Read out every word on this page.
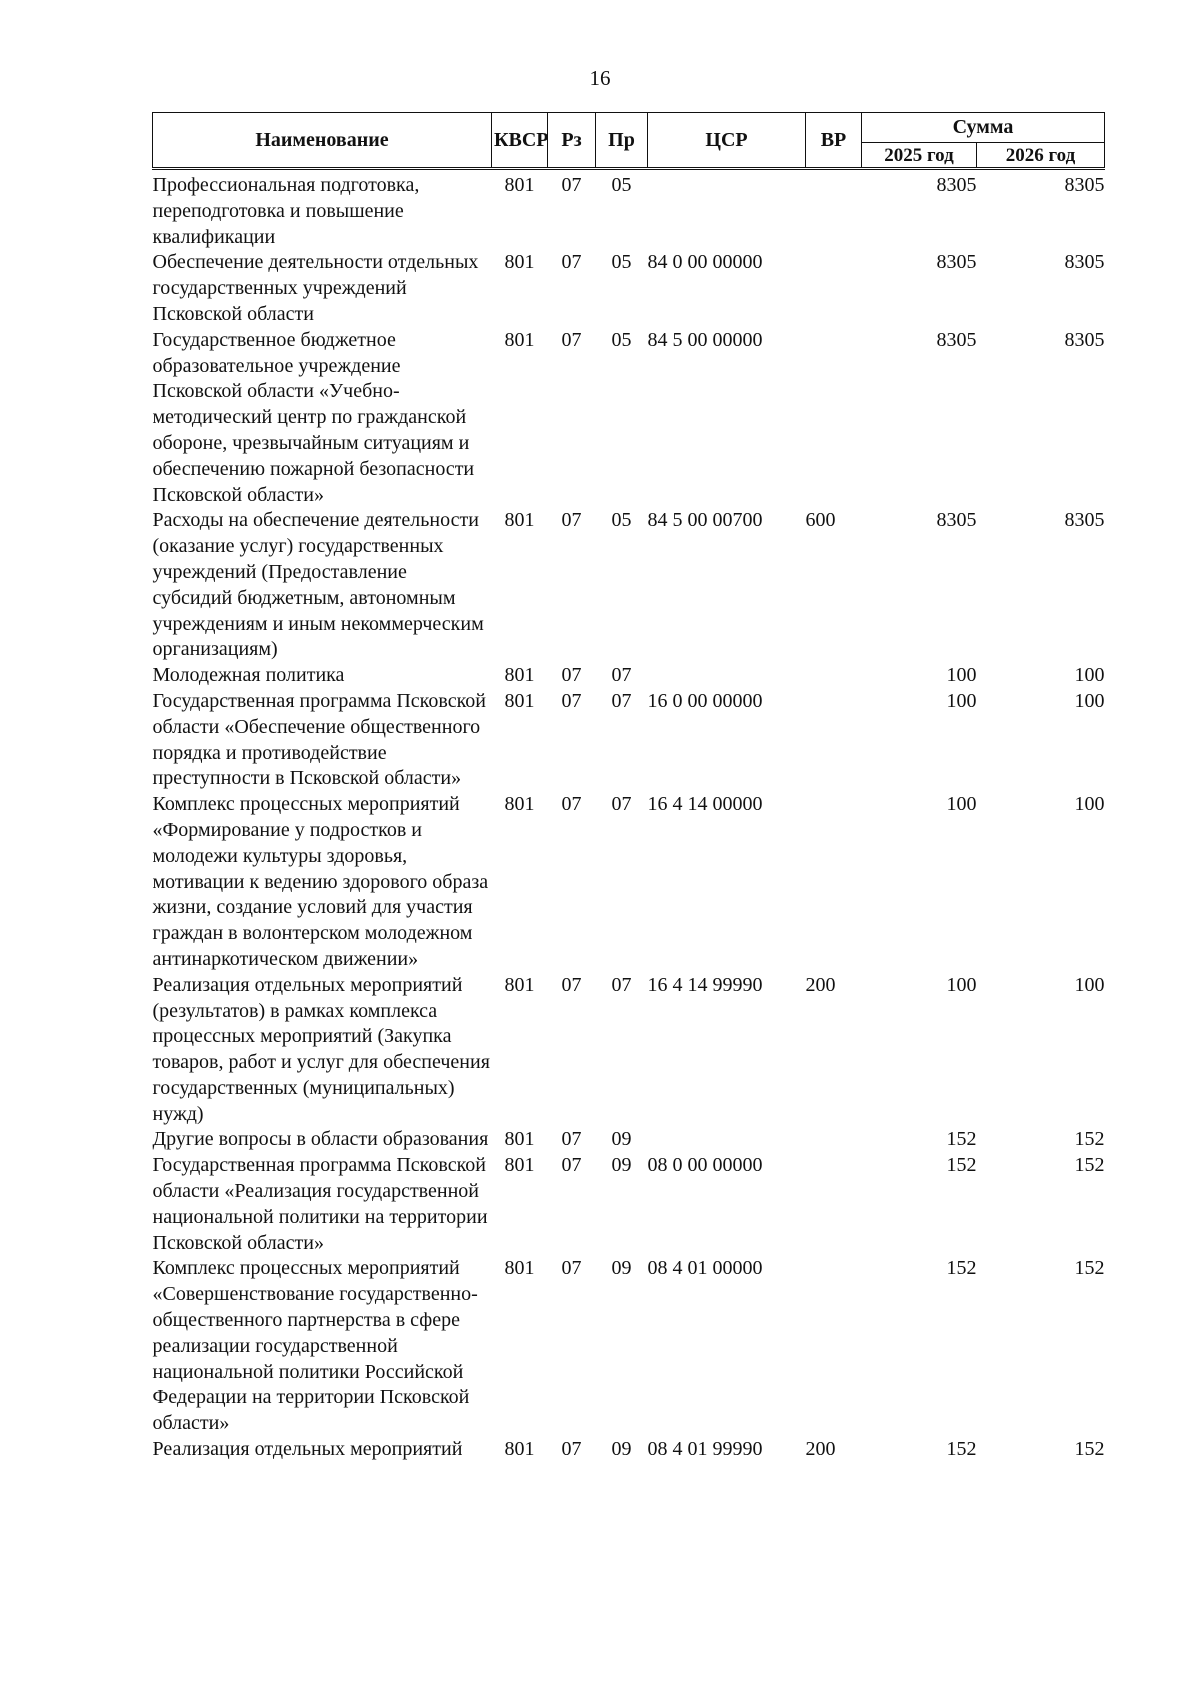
16
Наименование	КВСР	Рз	Пр	ЦСР	ВР	Сумма	
						2025 год	2026 год
Профессиональная подготовка, переподготовка и повышение квалификации	801	07	05			8305	8305
Обеспечение деятельности отдельных государственных учреждений Псковской области	801	07	05	84 0 00 00000		8305	8305
Государственное бюджетное образовательное учреждение Псковской области «Учебно-методический центр по гражданской обороне, чрезвычайным ситуациям и обеспечению пожарной безопасности Псковской области»	801	07	05	84 5 00 00000		8305	8305
Расходы на обеспечение деятельности (оказание услуг) государственных учреждений (Предоставление субсидий бюджетным, автономным учреждениям и иным некоммерческим организациям)	801	07	05	84 5 00 00700	600	8305	8305
Молодежная политика	801	07	07			100	100
Государственная программа Псковской области «Обеспечение общественного порядка и противодействие преступности в Псковской области»	801	07	07	16 0 00 00000		100	100
Комплекс процессных мероприятий «Формирование у подростков и молодежи культуры здоровья, мотивации к ведению здорового образа жизни, создание условий для участия граждан в волонтерском молодежном антинаркотическом движении»	801	07	07	16 4 14 00000		100	100
Реализация отдельных мероприятий (результатов) в рамках комплекса процессных мероприятий (Закупка товаров, работ и услуг для обеспечения государственных (муниципальных) нужд)	801	07	07	16 4 14 99990	200	100	100
Другие вопросы в области образования	801	07	09			152	152
Государственная программа Псковской области «Реализация государственной национальной политики на территории Псковской области»	801	07	09	08 0 00 00000		152	152
Комплекс процессных мероприятий «Совершенствование государственно-общественного партнерства в сфере реализации государственной национальной политики Российской Федерации на территории Псковской области»	801	07	09	08 4 01 00000		152	152
Реализация отдельных мероприятий	801	07	09	08 4 01 99990	200	152	152
